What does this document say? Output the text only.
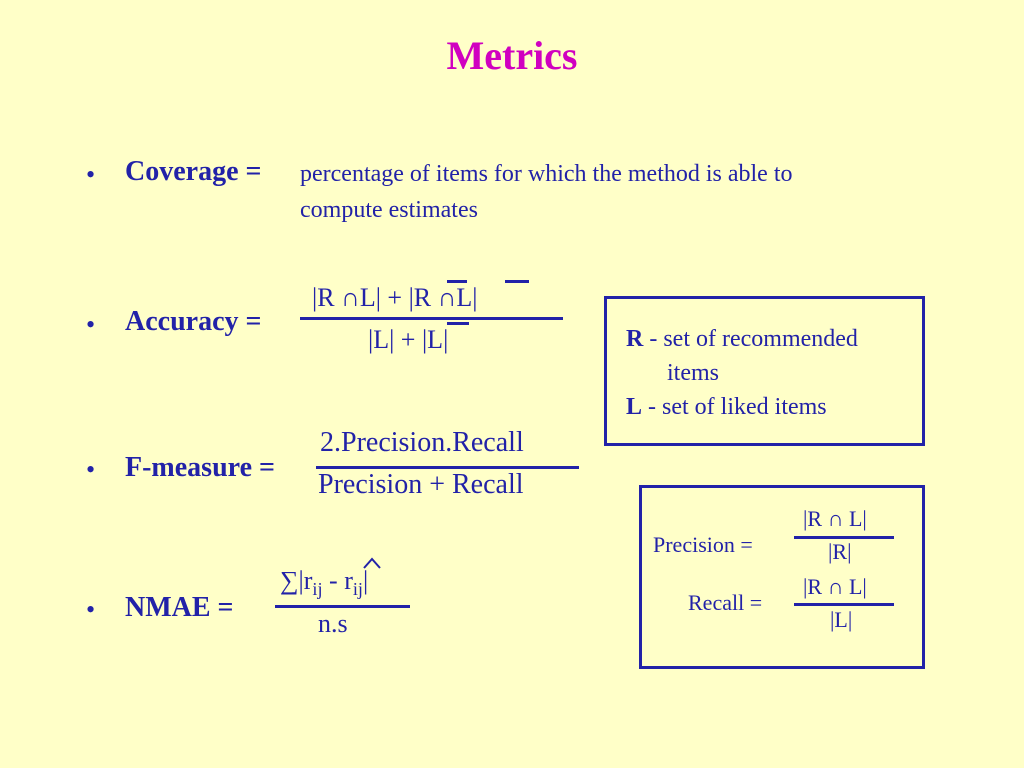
Metrics
• Coverage = percentage of items for which the method is able to
compute estimates
• Accuracy =
|R ∩L| + |R ∩L|
|L| + |L|	R - set of recommended
items
L - set of liked items
• F-measure =
2.Precision.Recall
Precision + Recall
Precision =
|R ∩ L|
|R|
Recall =
|R ∩ L|
|L|
• NMAE =
$\sum|r_{ij} - r_{ij}|$
n.s
